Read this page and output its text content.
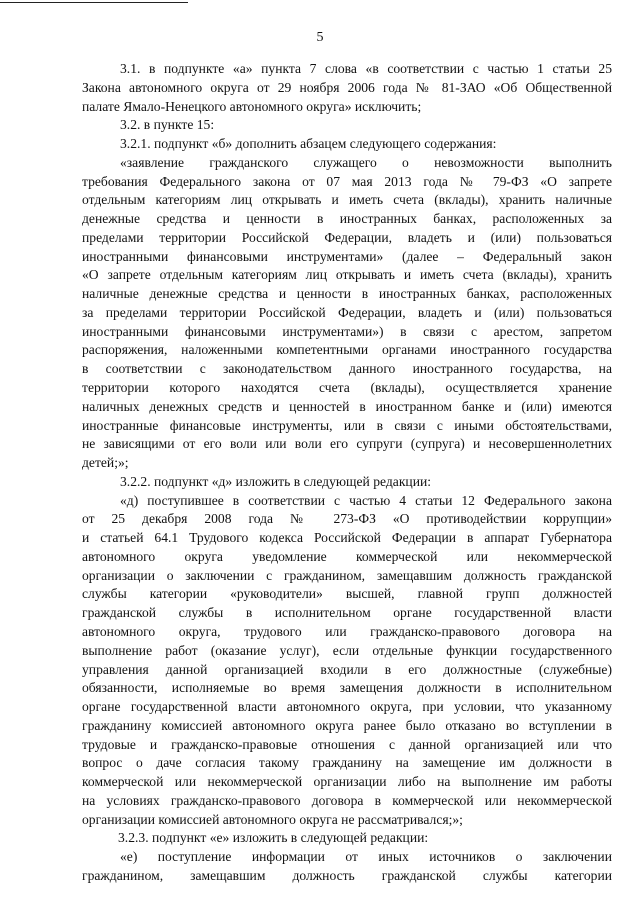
5
3.1. в подпункте «а» пункта 7 слова «в соответствии с частью 1 статьи 25
Закона автономного округа от 29 ноября 2006 года № 81-ЗАО «Об Общественной
палате Ямало-Ненецкого автономного округа» исключить;
3.2. в пункте 15:
3.2.1. подпункт «б» дополнить абзацем следующего содержания:
«заявление гражданского служащего о невозможности выполнить
требования Федерального закона от 07 мая 2013 года № 79-ФЗ «О запрете
отдельным категориям лиц открывать и иметь счета (вклады), хранить наличные
денежные средства и ценности в иностранных банках, расположенных за
пределами территории Российской Федерации, владеть и (или) пользоваться
иностранными финансовыми инструментами» (далее – Федеральный закон
«О запрете отдельным категориям лиц открывать и иметь счета (вклады), хранить
наличные денежные средства и ценности в иностранных банках, расположенных
за пределами территории Российской Федерации, владеть и (или) пользоваться
иностранными финансовыми инструментами») в связи с арестом, запретом
распоряжения, наложенными компетентными органами иностранного государства
в соответствии с законодательством данного иностранного государства, на
территории которого находятся счета (вклады), осуществляется хранение
наличных денежных средств и ценностей в иностранном банке и (или) имеются
иностранные финансовые инструменты, или в связи с иными обстоятельствами,
не зависящими от его воли или воли его супруги (супруга) и несовершеннолетних
детей;»;
3.2.2. подпункт «д» изложить в следующей редакции:
«д) поступившее в соответствии с частью 4 статьи 12 Федерального закона
от 25 декабря 2008 года № 273-ФЗ «О противодействии коррупции»
и статьей 64.1 Трудового кодекса Российской Федерации в аппарат Губернатора
автономного округа уведомление коммерческой или некоммерческой
организации о заключении с гражданином, замещавшим должность гражданской
службы категории «руководители» высшей, главной групп должностей
гражданской службы в исполнительном органе государственной власти
автономного округа, трудового или гражданско-правового договора на
выполнение работ (оказание услуг), если отдельные функции государственного
управления данной организацией входили в его должностные (служебные)
обязанности, исполняемые во время замещения должности в исполнительном
органе государственной власти автономного округа, при условии, что указанному
гражданину комиссией автономного округа ранее было отказано во вступлении в
трудовые и гражданско-правовые отношения с данной организацией или что
вопрос о даче согласия такому гражданину на замещение им должности в
коммерческой или некоммерческой организации либо на выполнение им работы
на условиях гражданско-правового договора в коммерческой или некоммерческой
организации комиссией автономного округа не рассматривался;»;
3.2.3. подпункт «е» изложить в следующей редакции:
«е) поступление информации от иных источников о заключении
гражданином, замещавшим должность гражданской службы категории
